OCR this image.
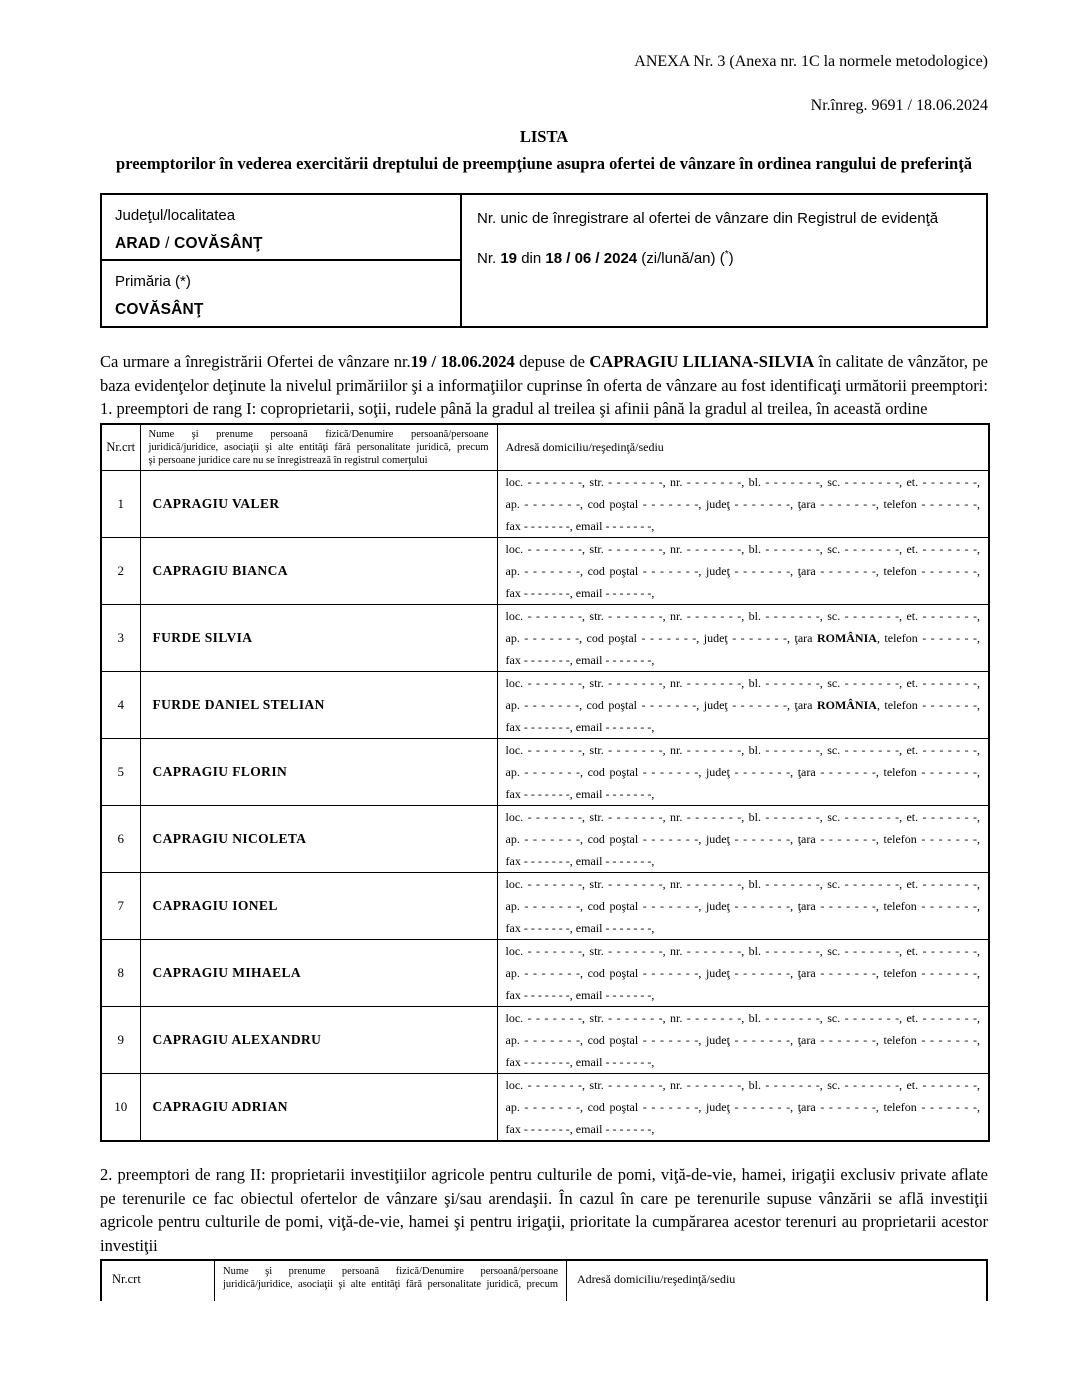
ANEXA Nr. 3 (Anexa nr. 1C la normele metodologice)
Nr.înreg. 9691 / 18.06.2024
LISTA
preemptorilor în vederea exercitării dreptului de preempţiune asupra ofertei de vânzare în ordinea rangului de preferinţă
Judeţul/localitatea
ARAD / COVĂSÂNŢ
Primăria (*)
COVĂSÂNŢ
Nr. unic de înregistrare al ofertei de vânzare din Registrul de evidenţă
Nr. 19 din 18 / 06 / 2024 (zi/lună/an) (*)
Ca urmare a înregistrării Ofertei de vânzare nr.19 / 18.06.2024 depuse de CAPRAGIU LILIANA-SILVIA în calitate de vânzător, pe baza evidenţelor deţinute la nivelul primăriilor şi a informaţiilor cuprinse în oferta de vânzare au fost identificaţi următorii preemptori:
1. preemptori de rang I: coproprietarii, soţii, rudele până la gradul al treilea şi afinii până la gradul al treilea, în această ordine
Nr.crt	Nume şi prenume persoană fizică/Denumire persoană/persoane
juridică/juridice, asociaţii şi alte entităţi fără personalitate juridică, precum
şi persoane juridice care nu se înregistrează în registrul comerţului	Adresă domiciliu/reşedinţă/sediu
1	CAPRAGIU VALER	loc. - - - - - - -, str. - - - - - - -, nr. - - - - - - -, bl. - - - - - - -, sc. - - - - - - -, et. - - - - - - -,
ap. - - - - - - -, cod poştal - - - - - - -, judeţ - - - - - - -, ţara - - - - - - -, telefon - - - - - - -,
fax - - - - - - -, email - - - - - - -,

2	CAPRAGIU BIANCA	loc. - - - - - - -, str. - - - - - - -, nr. - - - - - - -, bl. - - - - - - -, sc. - - - - - - -, et. - - - - - - -,
ap. - - - - - - -, cod poştal - - - - - - -, judeţ - - - - - - -, ţara - - - - - - -, telefon - - - - - - -,
fax - - - - - - -, email - - - - - - -,

3	FURDE SILVIA	loc. - - - - - - -, str. - - - - - - -, nr. - - - - - - -, bl. - - - - - - -, sc. - - - - - - -, et. - - - - - - -,
ap. - - - - - - -, cod poştal - - - - - - -, judeţ - - - - - - -, ţara ROMÂNIA, telefon - - - - - - -,
fax - - - - - - -, email - - - - - - -,

4	FURDE DANIEL STELIAN	loc. - - - - - - -, str. - - - - - - -, nr. - - - - - - -, bl. - - - - - - -, sc. - - - - - - -, et. - - - - - - -,
ap. - - - - - - -, cod poştal - - - - - - -, judeţ - - - - - - -, ţara ROMÂNIA, telefon - - - - - - -,
fax - - - - - - -, email - - - - - - -,

5	CAPRAGIU FLORIN	loc. - - - - - - -, str. - - - - - - -, nr. - - - - - - -, bl. - - - - - - -, sc. - - - - - - -, et. - - - - - - -,
ap. - - - - - - -, cod poştal - - - - - - -, judeţ - - - - - - -, ţara - - - - - - -, telefon - - - - - - -,
fax - - - - - - -, email - - - - - - -,

6	CAPRAGIU NICOLETA	loc. - - - - - - -, str. - - - - - - -, nr. - - - - - - -, bl. - - - - - - -, sc. - - - - - - -, et. - - - - - - -,
ap. - - - - - - -, cod poştal - - - - - - -, judeţ - - - - - - -, ţara - - - - - - -, telefon - - - - - - -,
fax - - - - - - -, email - - - - - - -,

7	CAPRAGIU IONEL	loc. - - - - - - -, str. - - - - - - -, nr. - - - - - - -, bl. - - - - - - -, sc. - - - - - - -, et. - - - - - - -,
ap. - - - - - - -, cod poştal - - - - - - -, judeţ - - - - - - -, ţara - - - - - - -, telefon - - - - - - -,
fax - - - - - - -, email - - - - - - -,

8	CAPRAGIU MIHAELA	loc. - - - - - - -, str. - - - - - - -, nr. - - - - - - -, bl. - - - - - - -, sc. - - - - - - -, et. - - - - - - -,
ap. - - - - - - -, cod poştal - - - - - - -, judeţ - - - - - - -, ţara - - - - - - -, telefon - - - - - - -,
fax - - - - - - -, email - - - - - - -,

9	CAPRAGIU ALEXANDRU	loc. - - - - - - -, str. - - - - - - -, nr. - - - - - - -, bl. - - - - - - -, sc. - - - - - - -, et. - - - - - - -,
ap. - - - - - - -, cod poştal - - - - - - -, judeţ - - - - - - -, ţara - - - - - - -, telefon - - - - - - -,
fax - - - - - - -, email - - - - - - -,

10	CAPRAGIU ADRIAN	loc. - - - - - - -, str. - - - - - - -, nr. - - - - - - -, bl. - - - - - - -, sc. - - - - - - -, et. - - - - - - -,
ap. - - - - - - -, cod poştal - - - - - - -, judeţ - - - - - - -, ţara - - - - - - -, telefon - - - - - - -,
fax - - - - - - -, email - - - - - - -,
2. preemptori de rang II: proprietarii investiţiilor agricole pentru culturile de pomi, viţă-de-vie, hamei, irigaţii exclusiv private aflate pe terenurile ce fac obiectul ofertelor de vânzare şi/sau arendaşii. În cazul în care pe terenurile supuse vânzării se află investiţii agricole pentru culturile de pomi, viţă-de-vie, hamei şi pentru irigaţii, prioritate la cumpărarea acestor terenuri au proprietarii acestor investiţii
Nr.crt
Nume şi prenume persoană fizică/Denumire persoană/persoane
juridică/juridice, asociaţii şi alte entităţi fără personalitate juridică, precum	Adresă domiciliu/reşedinţă/sediu
